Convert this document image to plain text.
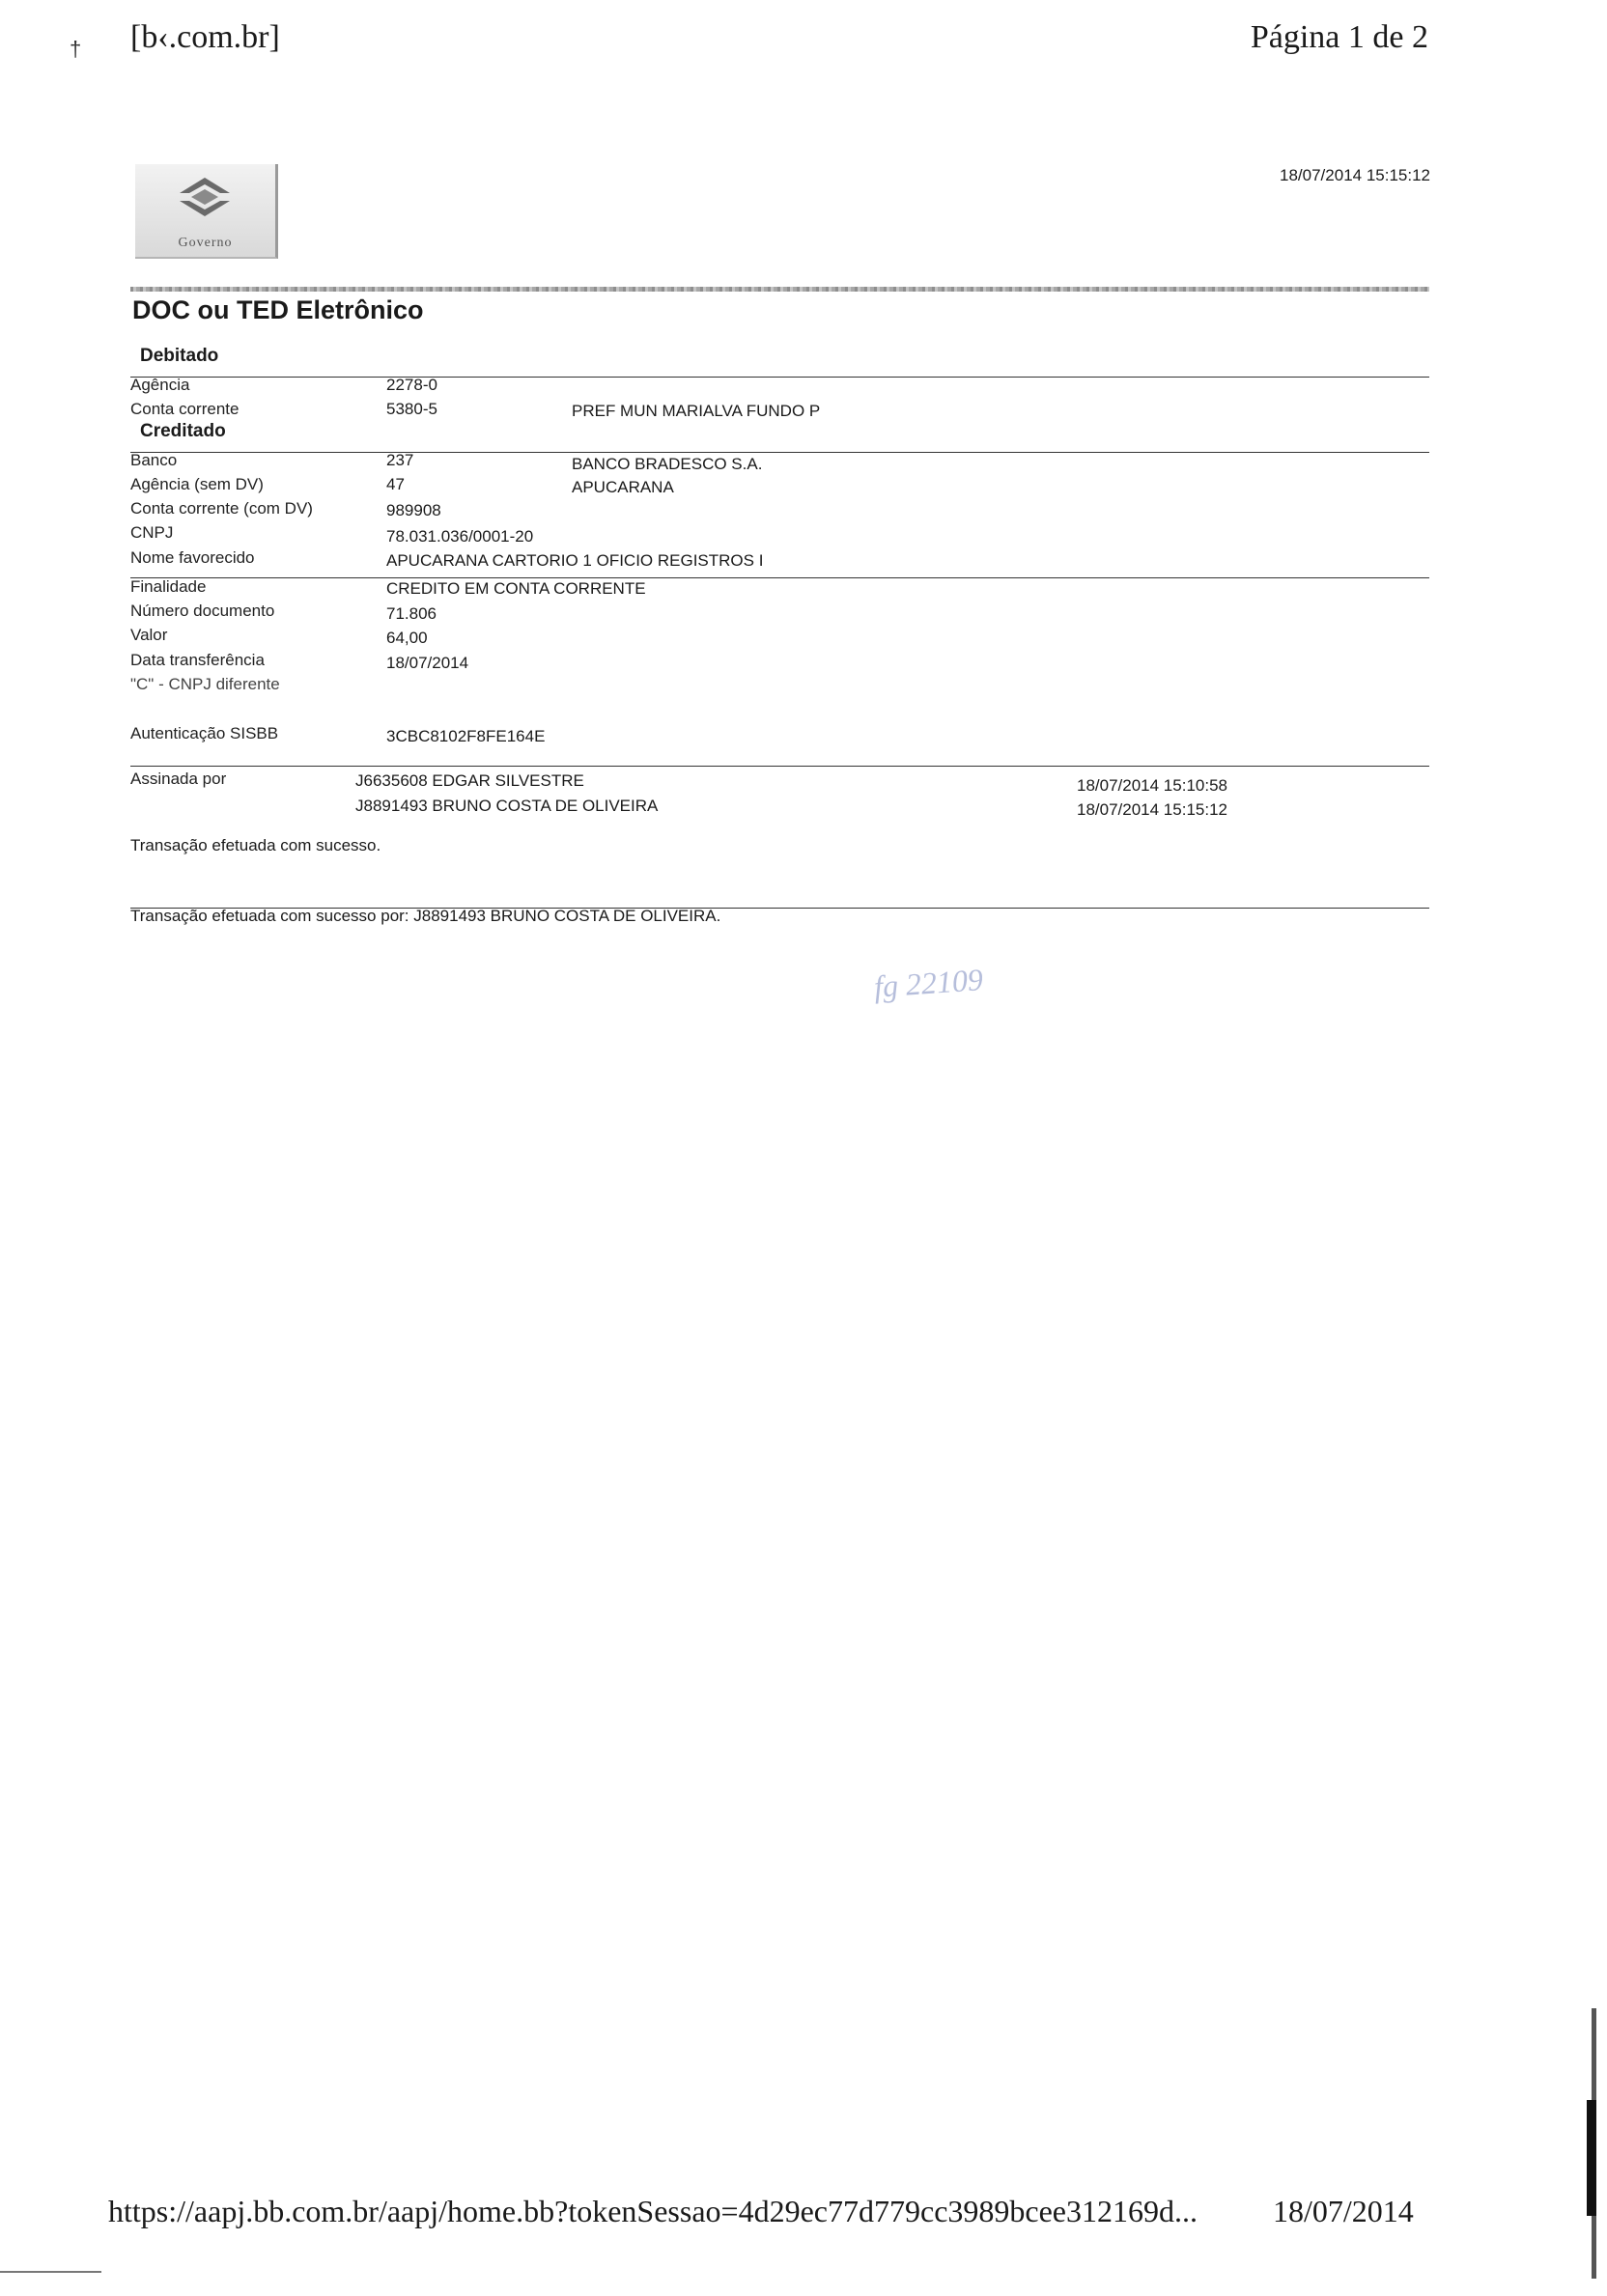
† [b‹.com.br]	Página 1 de 2
Governo
18/07/2014 15:15:12
DOC ou TED Eletrônico
Debitado
Agência	2278-0
Conta corrente	5380-5	PREF MUN MARIALVA FUNDO P
Creditado
Banco	237	BANCO BRADESCO S.A.
Agência (sem DV)	47	APUCARANA
Conta corrente (com DV)	989908
CNPJ	78.031.036/0001-20
Nome favorecido	APUCARANA CARTORIO 1 OFICIO REGISTROS I
Finalidade	CREDITO EM CONTA CORRENTE
Número documento	71.806
Valor	64,00
Data transferência	18/07/2014
"C" - CNPJ diferente
Autenticação SISBB	3CBC8102F8FE164E
Assinada por	J6635608 EDGAR SILVESTRE	18/07/2014 15:10:58
J8891493 BRUNO COSTA DE OLIVEIRA	18/07/2014 15:15:12
Transação efetuada com sucesso.
Transação efetuada com sucesso por: J8891493 BRUNO COSTA DE OLIVEIRA.
fg 22109
https://aapj.bb.com.br/aapj/home.bb?tokenSessao=4d29ec77d779cc3989bcee312169d... 18/07/2014
